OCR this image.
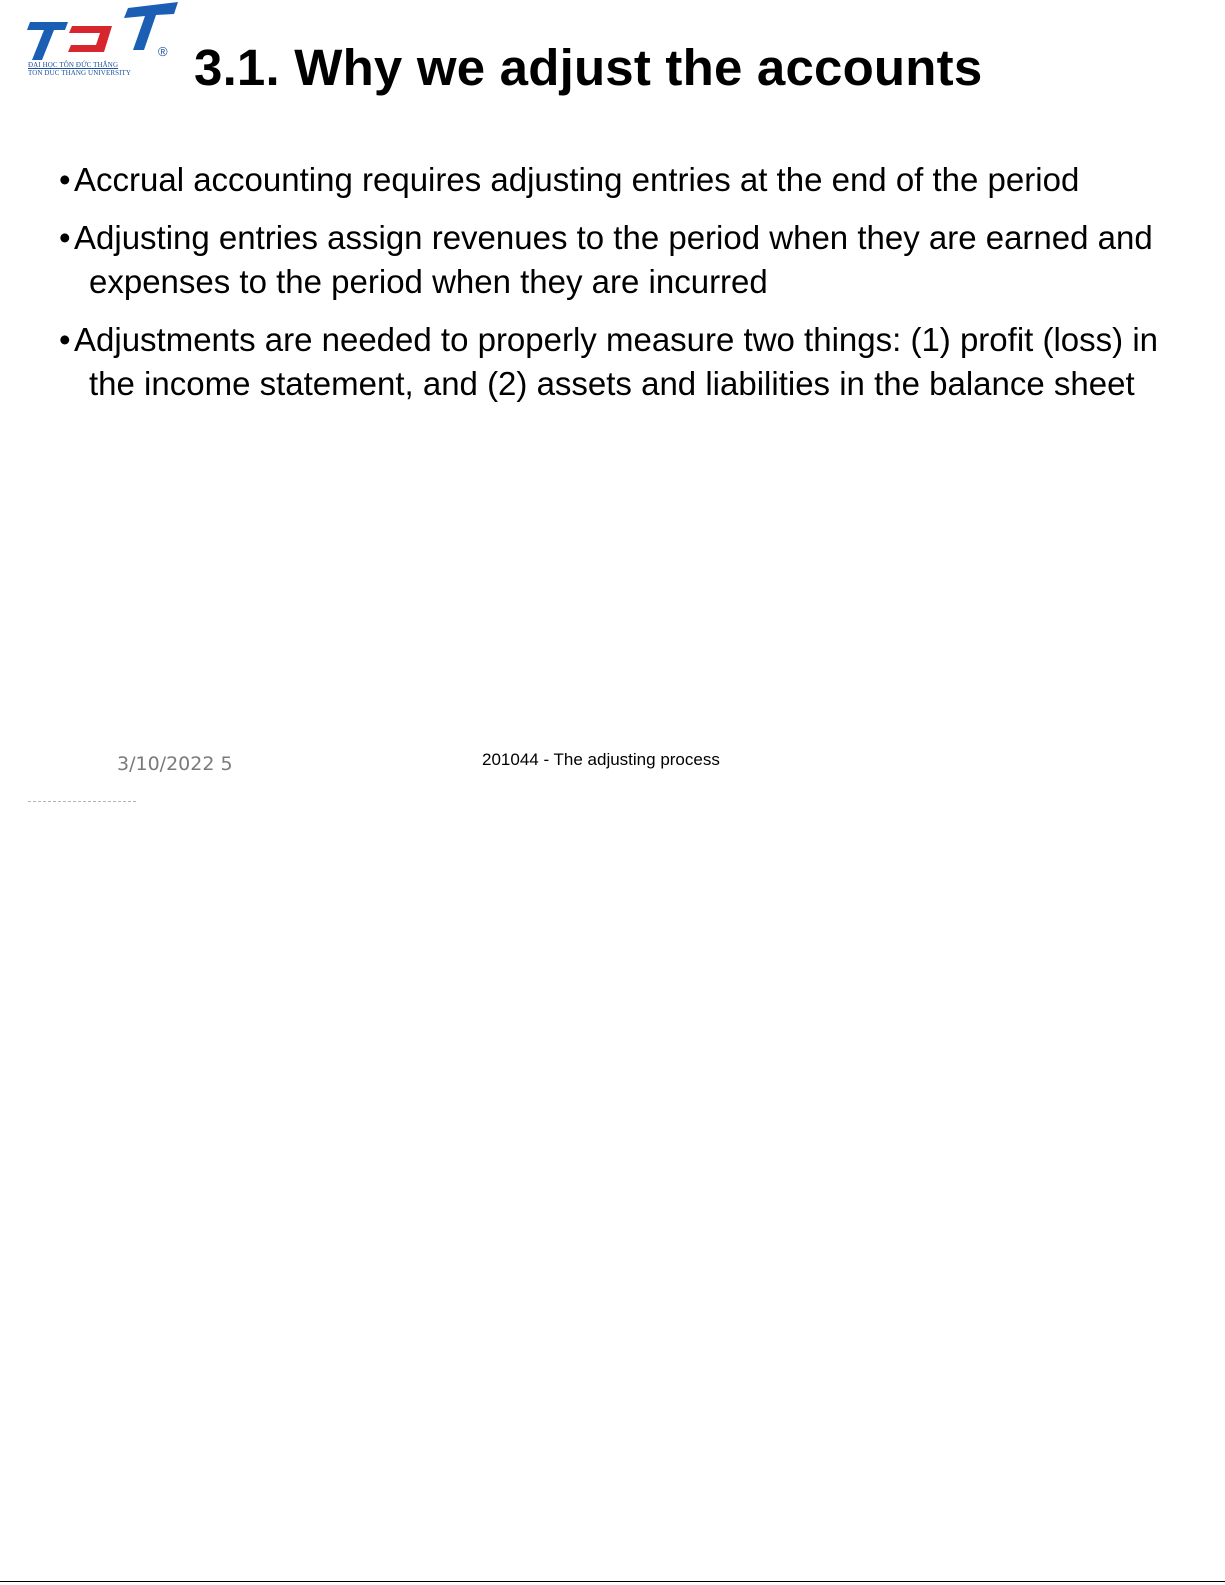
®
ĐẠI HỌC TÔN ĐỨC THẮNG
TON DUC THANG UNIVERSITY 3.1. Why we adjust the accounts
• Accrual accounting requires adjusting entries at the end of the period
• Adjusting entries assign revenues to the period when they are earned and expenses to the period when they are incurred
• Adjustments are needed to properly measure two things: (1) profit (loss) in the income statement, and (2) assets and liabilities in the balance sheet
3/10/2022 5	201044 - The adjusting process
